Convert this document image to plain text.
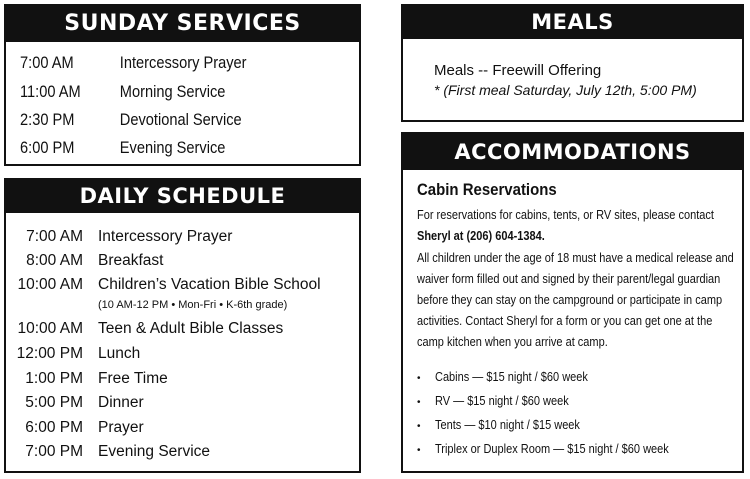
SUNDAY SERVICES
7:00 AM	Intercessory Prayer
11:00 AM Morning Service
2:30 PM	Devotional Service
6:00 PM	Evening Service
DAILY SCHEDULE
7:00 AM Intercessory Prayer
8:00 AM Breakfast
10:00 AM Children’s Vacation Bible School
(10 AM-12 PM • Mon-Fri • K-6th grade)
10:00 AM Teen & Adult Bible Classes
12:00 PM Lunch
1:00 PM Free Time
5:00 PM Dinner
6:00 PM Prayer
7:00 PM Evening Service
MEALS
Meals -- Freewill Offering
* (First meal Saturday, July 12th, 5:00 PM)
ACCOMMODATIONS
Cabin Reservations

For reservations for cabins, tents, or RV sites, please contact
Sheryl at (206) 604-1384.

All children under the age of 18 must have a medical release and waiver form filled out and signed by their parent/legal guardian before they can stay on the campground or participate in camp activities. Contact Sheryl for a form or you can get one at the camp kitchen when you arrive at camp.

• Cabins — $15 night / $60 week
• RV — $15 night / $60 week
• Tents — $10 night / $15 week
• Triplex or Duplex Room — $15 night / $60 week
